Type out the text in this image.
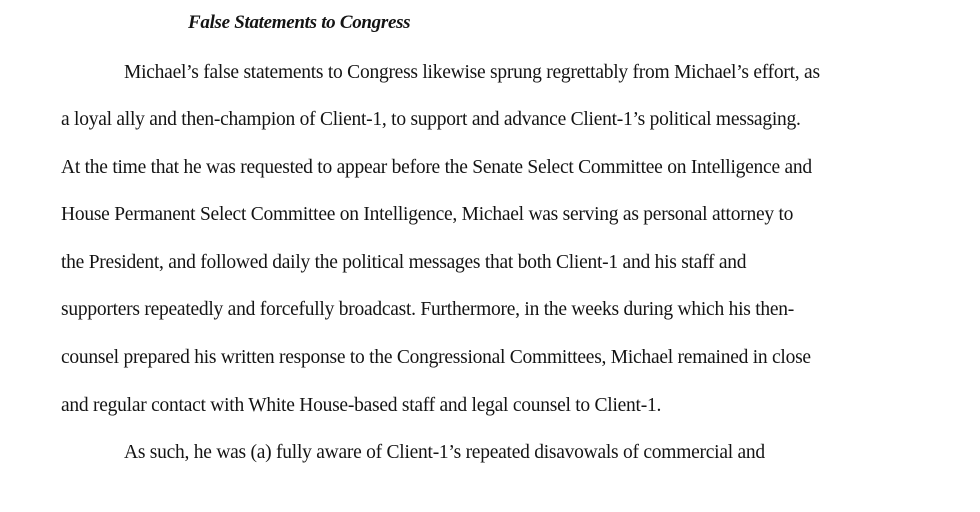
False Statements to Congress
Michael’s false statements to Congress likewise sprung regrettably from Michael’s effort, as
a loyal ally and then-champion of Client-1, to support and advance Client-1’s political messaging.
At the time that he was requested to appear before the Senate Select Committee on Intelligence and
House Permanent Select Committee on Intelligence, Michael was serving as personal attorney to
the President, and followed daily the political messages that both Client-1 and his staff and
supporters repeatedly and forcefully broadcast. Furthermore, in the weeks during which his then-
counsel prepared his written response to the Congressional Committees, Michael remained in close
and regular contact with White House-based staff and legal counsel to Client-1.
As such, he was (a) fully aware of Client-1’s repeated disavowals of commercial and
